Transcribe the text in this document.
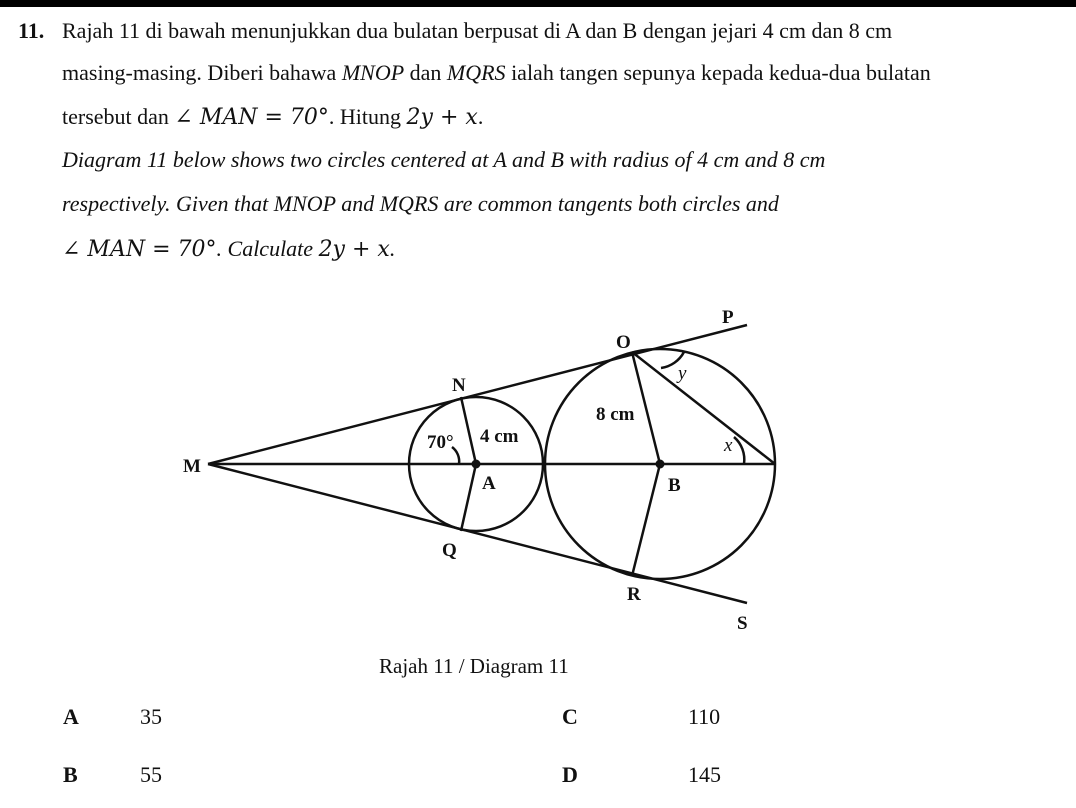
11. Rajah 11 di bawah menunjukkan dua bulatan berpusat di A dan B dengan jejari 4 cm dan 8 cm
masing-masing. Diberi bahawa MNOP dan MQRS ialah tangen sepunya kepada kedua-dua bulatan
tersebut dan ∠ MAN = 70°. Hitung 2y + x.
Diagram 11 below shows two circles centered at A and B with radius of 4 cm and 8 cm
respectively. Given that MNOP and MQRS are common tangents both circles and
∠ MAN = 70°. Calculate 2y + x.
P
O
N
M
A	B
Q
R
S
70° 4 cm
8 cm
y
x
Rajah 11 / Diagram 11
A	35
B	55
C	110
D	145
